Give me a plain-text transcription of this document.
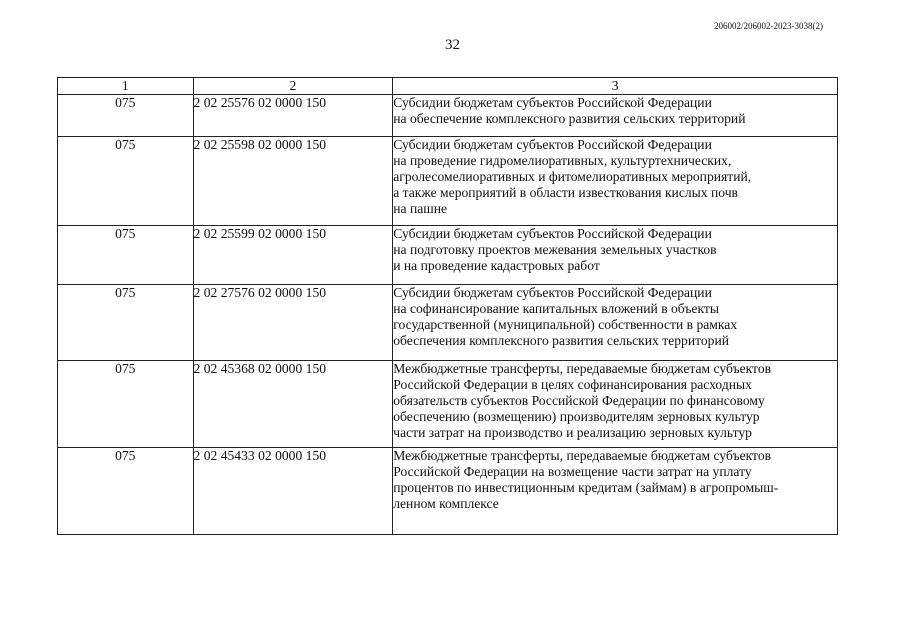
206002/206002-2023-3038(2)
32
1	2	3
075	2 02 25576 02 0000 150	Субсидии бюджетам субъектов Российской Федерации
на обеспечение комплексного развития сельских территорий

075	2 02 25598 02 0000 150	Субсидии бюджетам субъектов Российской Федерации
на проведение гидромелиоративных, культуртехнических,
агролесомелиоративных и фитомелиоративных мероприятий,
а также мероприятий в области известкования кислых почв
на пашне

075	2 02 25599 02 0000 150	Субсидии бюджетам субъектов Российской Федерации
на подготовку проектов межевания земельных участков
и на проведение кадастровых работ

075	2 02 27576 02 0000 150	Субсидии бюджетам субъектов Российской Федерации
на софинансирование капитальных вложений в объекты
государственной (муниципальной) собственности в рамках
обеспечения комплексного развития сельских территорий

075	2 02 45368 02 0000 150	Межбюджетные трансферты, передаваемые бюджетам субъектов
Российской Федерации в целях софинансирования расходных
обязательств субъектов Российской Федерации по финансовому
обеспечению (возмещению) производителям зерновых культур
части затрат на производство и реализацию зерновых культур

075	2 02 45433 02 0000 150	Межбюджетные трансферты, передаваемые бюджетам субъектов
Российской Федерации на возмещение части затрат на уплату
процентов по инвестиционным кредитам (займам) в агропромыш-
ленном комплексе
